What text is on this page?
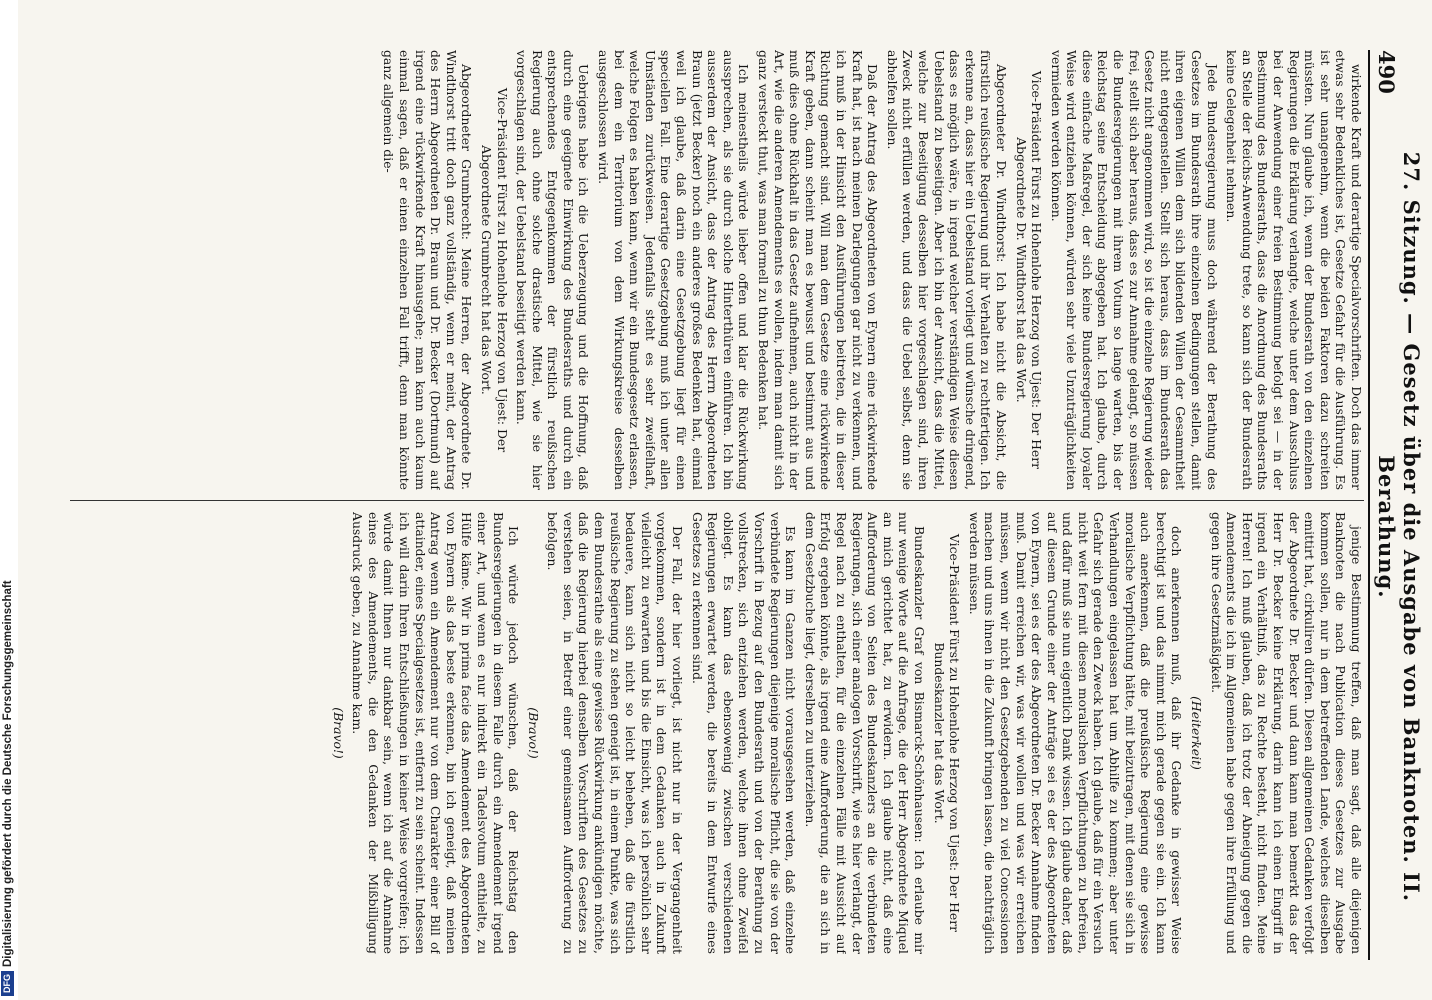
490
27. Sitzung. — Gesetz über die Ausgabe von Banknoten. II. Berathung.

wirkende Kraft und derartige Specialvorschriften. Doch das immer etwas sehr Bedenkliches ist, Gesetze Gefahr für die Ausführung. Es ist sehr unangenehm, wenn die beiden Faktoren dazu schreiten müssten. Nun glaube ich, wenn der Bundesrath von den einzelnen Regierungen die Erklärung verlangte, welche unter dem Ausschluss bei der Anwendung einer freien Bestimmung befolgt sei — in der Bestimmung des Bundesraths, dass die Anordnung des Bundesraths an Stelle der Reichs-Anwendung trete, so kann sich der Bundesrath keine Gelegenheit nehmen.

Jede Bundesregierung muss doch während der Berathung des Gesetzes im Bundesrath ihre einzelnen Bedingungen stellen, damit ihren eigenen Willen dem sich bildenden Willen der Gesammtheit nicht entgegenstellen. Stellt sich heraus, dass im Bundesrath das Gesetz nicht angenommen wird, so ist die einzelne Regierung wieder frei, stellt sich aber heraus, dass es zur Annahme gelangt, so müssen die Bundesregierungen mit ihrem Votum so lange warten, bis der Reichstag seine Entscheidung abgegeben hat. Ich glaube, durch diese einfache Maßregel, der sich keine Bundesregierung loyaler Weise wird entziehen können, würden sehr viele Unzuträglichkeiten vermieden werden können.

Vice-Präsident Fürst zu Hohenlohe Herzog von Ujest: Der Herr Abgeordnete Dr. Windthorst hat das Wort.

Abgeordneter Dr. Windthorst: Ich habe nicht die Absicht, die fürstlich reußische Regierung und ihr Verhalten zu rechtfertigen. Ich erkenne an, dass hier ein Uebelstand vorliegt und wünsche dringend, dass es möglich wäre, in irgend welcher verständigen Weise diesen Uebelstand zu beseitigen. Aber ich bin der Ansicht, dass die Mittel, welche zur Beseitigung desselben hier vorgeschlagen sind, ihren Zweck nicht erfüllen werden, und dass die Uebel selbst, denn sie abhelfen sollen.

Daß der Antrag des Abgeordneten von Eynern eine rückwirkende Kraft hat, ist nach meinen Darlegungen gar nicht zu verkennen, und ich muß in der Hinsicht den Ausführungen beitreten, die in dieser Richtung gemacht sind. Will man dem Gesetze eine rückwirkende Kraft geben, dann scheint man es bewusst und bestimmt aus und muß dies ohne Rückhalt in das Gesetz aufnehmen, auch nicht in der Art, wie die anderen Amendements es wollen, indem man damit sich ganz versteckt thut, was man formell zu thun Bedenken hat.

Ich meinestheils würde lieber offen und klar die Rückwirkung aussprechen, als sie durch solche Hinterthüren einführen. Ich bin ausserdem der Ansicht, dass der Antrag des Herrn Abgeordneten Braun (jetzt Becker) noch ein anderes großes Bedenken hat, einmal weil ich glaube, daß darin eine Gesetzgebung liegt für einen speciellen Fall. Eine derartige Gesetzgebung muß ich unter allen Umständen zurückweisen. Jedenfalls steht es sehr zweifelhaft, welche Folgen es haben kann, wenn wir ein Bundesgesetz erlassen, bei dem ein Territorium von dem Wirkungskreise desselben ausgeschlossen wird.

Uebrigens habe ich die Ueberzeugung und die Hoffnung, daß durch eine geeignete Einwirkung des Bundesraths und durch ein entsprechendes Entgegenkommen der fürstlich reußischen Regierung auch ohne solche drastische Mittel, wie sie hier vorgeschlagen sind, der Uebelstand beseitigt werden kann.

Vice-Präsident Fürst zu Hohenlohe Herzog von Ujest: Der Abgeordnete Grumbrecht hat das Wort.

Abgeordneter Grumbrecht: Meine Herren, der Abgeordnete Dr. Windthorst tritt doch ganz vollständig, wenn er meint, der Antrag des Herrn Abgeordneten Dr. Braun und Dr. Becker (Dortmund) auf irgend eine rückwirkende Kraft hinausgehe; man kann auch kaum einmal sagen, daß er einen einzelnen Fall trifft, denn man könnte ganz allgemein die-

jenige Bestimmung treffen, daß man sagt, daß alle diejenigen Banknoten die nach Publication dieses Gesetzes zur Ausgabe kommen sollen, nur in dem betreffenden Lande, welches dieselben emittirt hat, cirkuliren dürfen. Diesen allgemeinen Gedanken verfolgt der Abgeordnete Dr. Becker und dann kann man bemerkt das der Herr Dr. Becker keine Erklärung, darin kann ich einen Eingriff in irgend ein Verhältniß, das zu Rechte besteht, nicht finden. Meine Herren! Ich muß glauben, daß ich trotz der Abneigung gegen die Amendements die ich im Allgemeinen habe gegen ihre Erfüllung und gegen ihre Gesetzmäßigkeit.

(Heiterkeit)

doch anerkennen muß, daß ihr Gedanke in gewisser Weise berechtigt ist und das nimmt mich gerade gegen sie ein. Ich kann auch anerkennen, daß die preußische Regierung eine gewisse moralische Verpflichtung hätte, mit beizutragen, mit denen sie sich in Verhandlungen eingelassen hat um Abhilfe zu kommen; aber unter Gefahr sich gerade den Zweck haben. Ich glaube, daß für ein Versuch nicht weit fern mit diesen moralischen Verpflichtungen zu befreien, und dafür muß sie nun eigentlich Dank wissen. Ich glaube daher, daß auf diesem Grunde einer der Anträge sei es der des Abgeordneten von Eynern, sei es der des Abgeordneten Dr. Becker Annahme finden muß. Damit erreichen wir, was wir wollen und was wir erreichen müssen, wenn wir nicht den Gesetzgebenden zu viel Concessionen machen und uns ihnen in die Zukunft bringen lassen, die nachträglich werden müssen.

Vice-Präsident Fürst zu Hohenlohe Herzog von Ujest: Der Herr Bundeskanzler hat das Wort.

Bundeskanzler Graf von Bismarck-Schönhausen: Ich erlaube mir nur wenige Worte auf die Anfrage, die der Herr Abgeordnete Miquel an mich gerichtet hat, zu erwidern. Ich glaube nicht, daß eine Aufforderung von Seiten des Bundeskanzlers an die verbündeten Regierungen, sich einer analogen Vorschrift, wie es hier verlangt, der Regel nach zu enthalten, für die einzelnen Fälle mit Aussicht auf Erfolg ergehen könnte, als irgend eine Aufforderung, die an sich in dem Gesetzbuche liegt, derselben zu unterziehen.

Es kann im Ganzen nicht vorausgesehen werden, daß einzelne verbündete Regierungen diejenige moralische Pflicht, die sie von der Vorschrift in Bezug auf den Bundesrath und von der Berathung zu vollstrecken, sich entziehen werden, welche ihnen ohne Zweifel obliegt. Es kann das ebensowenig zwischen verschiedenen Regierungen erwartet werden, die bereits in dem Entwurfe eines Gesetzes zu erkennen sind.

Der Fall, der hier vorliegt, ist nicht nur in der Vergangenheit vorgekommen, sondern ist in dem Gedanken auch in Zukunft vielleicht zu erwarten und bis die Einsicht, was ich persönlich sehr bedauere, kann sich nicht so leicht beheben, daß die fürstlich reußische Regierung zu stehen geneigt ist, in einem Punkte, was sich dem Bundesrathe als eine gewisse Rückwirkung ankündigen möchte, daß die Regierung hierbei denselben Vorschriften des Gesetzes zu verstehen seien, in Betreff einer gemeinsamen Aufforderung zu befolgen.

(Bravo!)

Ich würde jedoch wünschen, daß der Reichstag den Bundesregierungen in diesem Falle durch ein Amendement irgend einer Art, und wenn es nur indirekt ein Tadelsvotum enthielte, zu Hülfe käme. Wir in prima facie das Amendement des Abgeordneten von Eynern als das beste erkennen, bin ich geneigt, daß meinen Antrag wenn ein Amendement nur von dem Charakter einer Bill of attainder, eines Specialgesetzes ist, entfernt zu sein scheint. Indessen ich will darin Ihren Entschließungen in keiner Weise vorgreifen; ich würde damit Ihnen nur dankbar sein, wenn ich auf die Annahme eines des Amendements, die den Gedanken der Mißbilligung Ausdruck geben, zu Annahme kam.

(Bravo!)

DFG
Digitalisierung gefördert durch die Deutsche Forschungsgemeinschaft
